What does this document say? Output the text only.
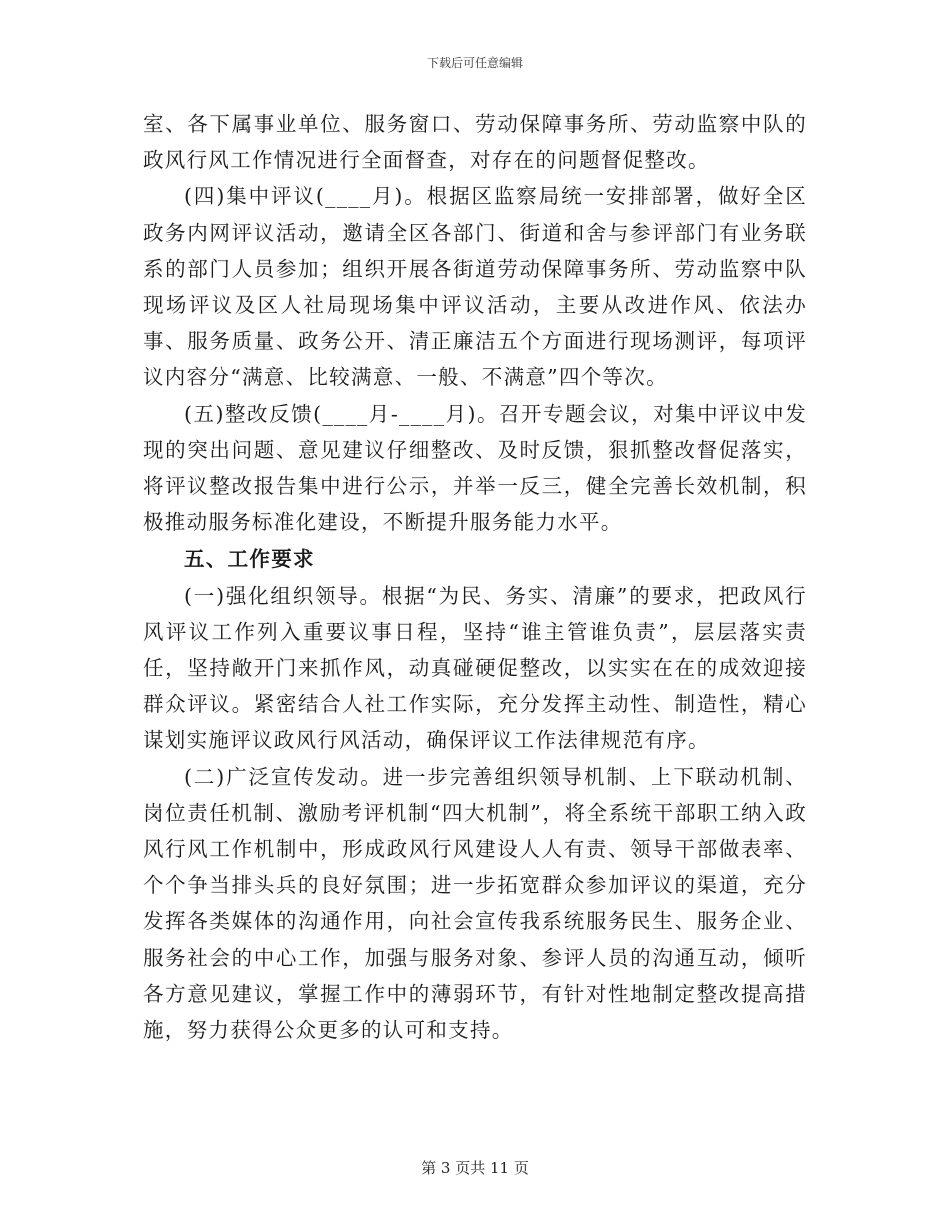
下载后可任意编辑

室、各下属事业单位、服务窗口、劳动保障事务所、劳动监察中队的政风行风工作情况进行全面督查，对存在的问题督促整改。

(四)集中评议(____月)。根据区监察局统一安排部署，做好全区政务内网评议活动，邀请全区各部门、街道和舍与参评部门有业务联系的部门人员参加；组织开展各街道劳动保障事务所、劳动监察中队现场评议及区人社局现场集中评议活动，主要从改进作风、依法办事、服务质量、政务公开、清正廉洁五个方面进行现场测评，每项评议内容分“满意、比较满意、一般、不满意”四个等次。

(五)整改反馈(____月-____月)。召开专题会议，对集中评议中发现的突出问题、意见建议仔细整改、及时反馈，狠抓整改督促落实，将评议整改报告集中进行公示，并举一反三，健全完善长效机制，积极推动服务标准化建设，不断提升服务能力水平。

五、工作要求

(一)强化组织领导。根据“为民、务实、清廉”的要求，把政风行风评议工作列入重要议事日程，坚持“谁主管谁负责”，层层落实责任，坚持敞开门来抓作风，动真碰硬促整改，以实实在在的成效迎接群众评议。紧密结合人社工作实际，充分发挥主动性、制造性，精心谋划实施评议政风行风活动，确保评议工作法律规范有序。

(二)广泛宣传发动。进一步完善组织领导机制、上下联动机制、岗位责任机制、激励考评机制“四大机制”，将全系统干部职工纳入政风行风工作机制中，形成政风行风建设人人有责、领导干部做表率、个个争当排头兵的良好氛围；进一步拓宽群众参加评议的渠道，充分发挥各类媒体的沟通作用，向社会宣传我系统服务民生、服务企业、服务社会的中心工作，加强与服务对象、参评人员的沟通互动，倾听各方意见建议，掌握工作中的薄弱环节，有针对性地制定整改提高措施，努力获得公众更多的认可和支持。

第 3 页共 11 页
